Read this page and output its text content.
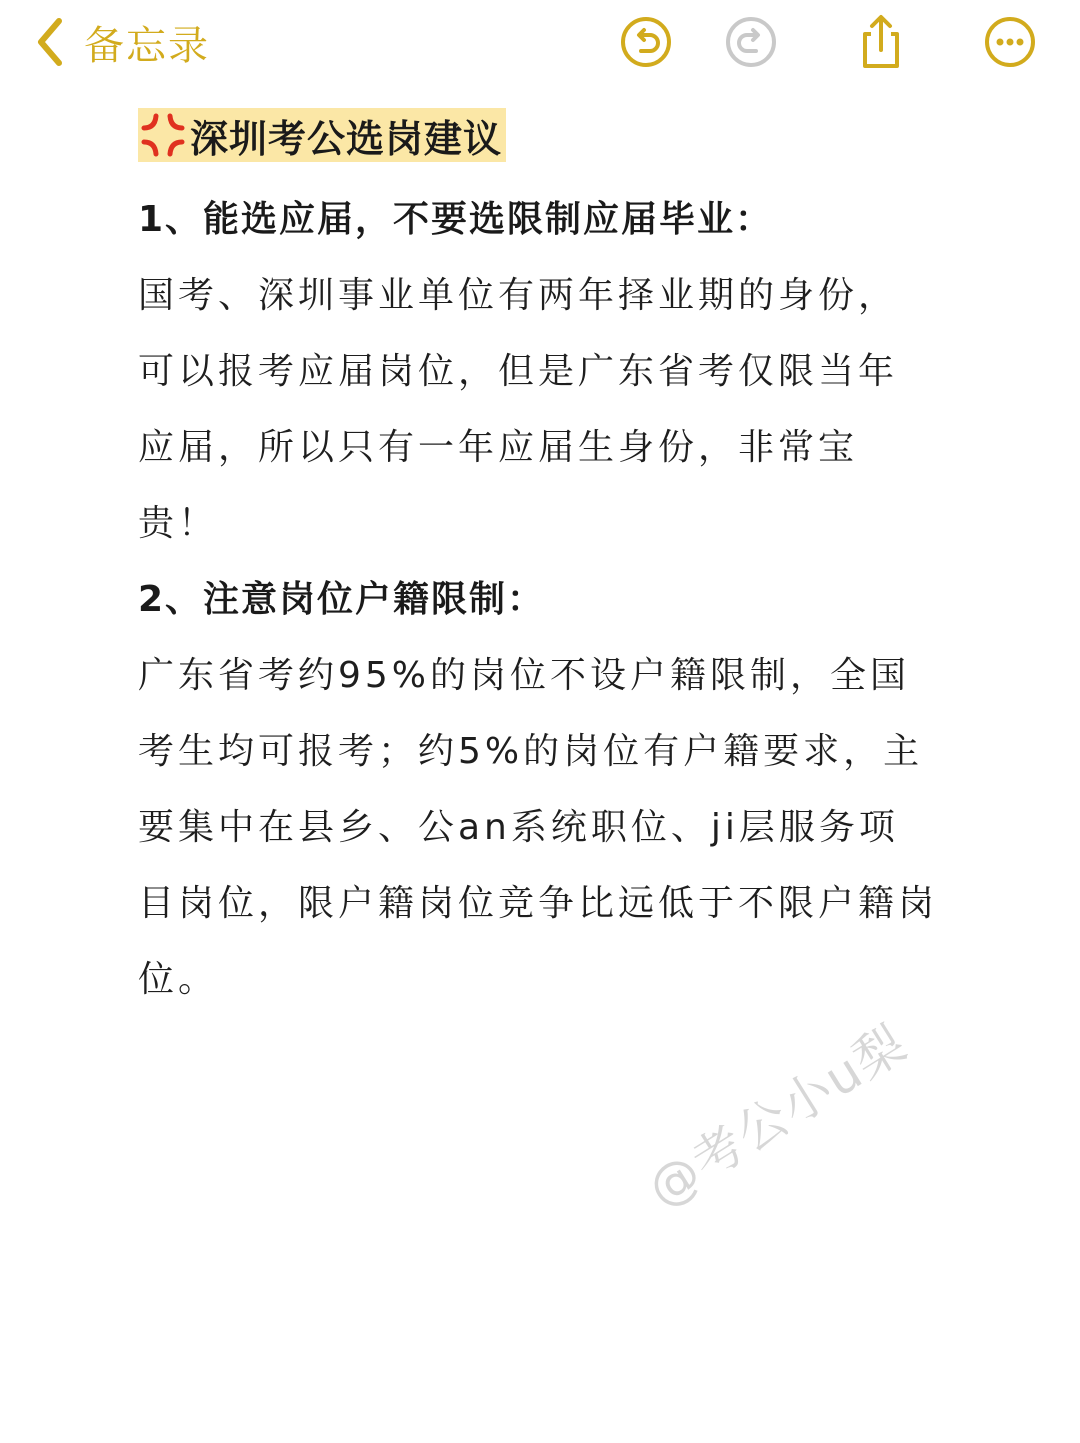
备忘录
深圳考公选岗建议
1、能选应届，不要选限制应届毕业：
国考、深圳事业单位有两年择业期的身份，可以报考应届岗位，但是广东省考仅限当年应届，所以只有一年应届生身份，非常宝贵！
2、注意岗位户籍限制：
广东省考约95%的岗位不设户籍限制，全国考生均可报考；约5%的岗位有户籍要求，主要集中在县乡、公an系统职位、ji层服务项目岗位，限户籍岗位竞争比远低于不限户籍岗位。
@考公小u梨
